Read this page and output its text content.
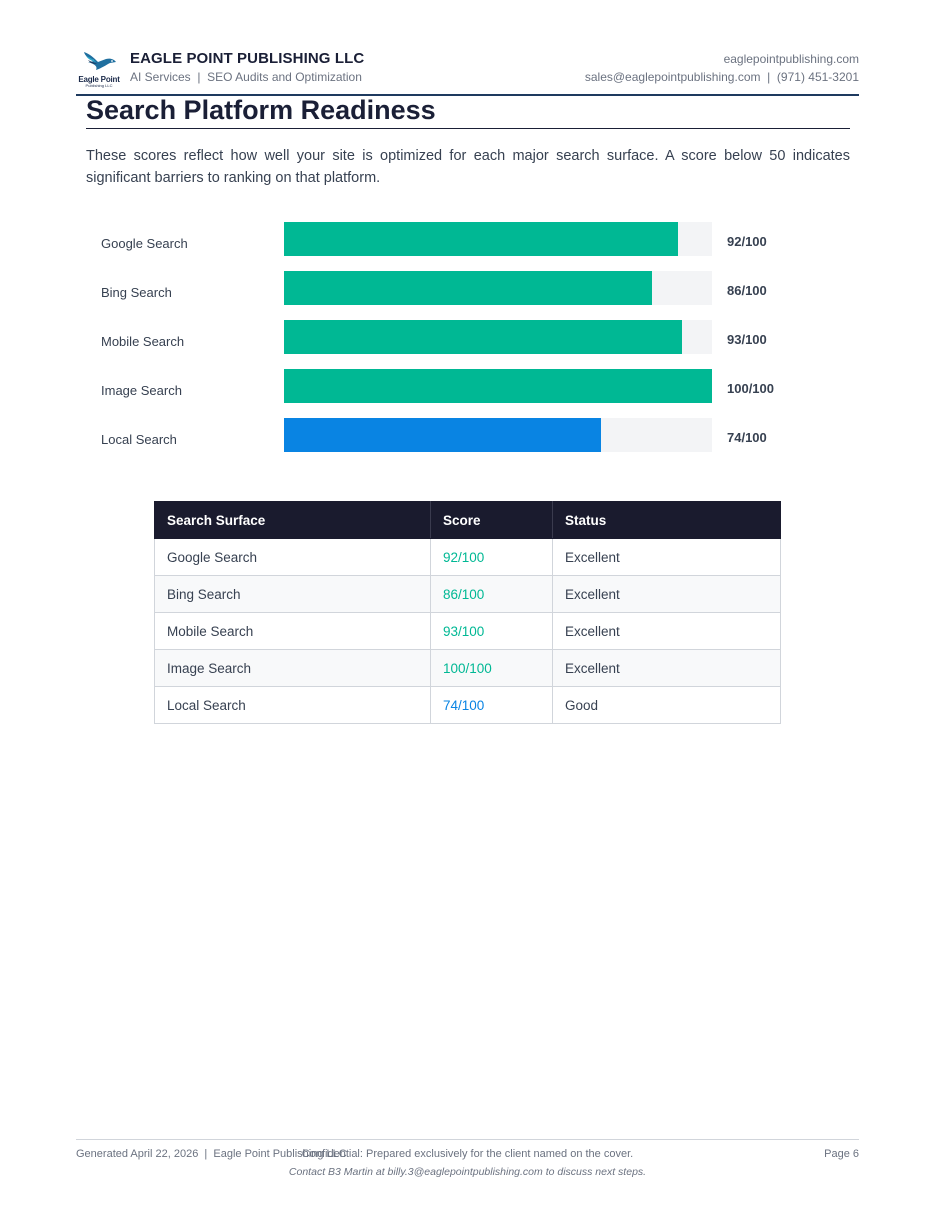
Eagle Point
Publishing LLC
EAGLE POINT PUBLISHING LLC
AI Services  |  SEO Audits and Optimization
eaglepointpublishing.com
sales@eaglepointpublishing.com  |  (971) 451-3201
Search Platform Readiness
These scores reflect how well your site is optimized for each major search surface. A score below 50 indicates significant barriers to ranking on that platform.
Google Search	92/100
Bing Search	86/100
Mobile Search	93/100
Image Search	100/100
Local Search	74/100
Search Surface	Score	Status
Google Search	92/100	Excellent
Bing Search	86/100	Excellent
Mobile Search	93/100	Excellent
Image Search	100/100	Excellent
Local Search	74/100	Good
Generated April 22, 2026  |  Eagle Point Publishing LLC
Confidential: Prepared exclusively for the client named on the cover.	Page 6
Contact B3 Martin at billy.3@eaglepointpublishing.com to discuss next steps.
